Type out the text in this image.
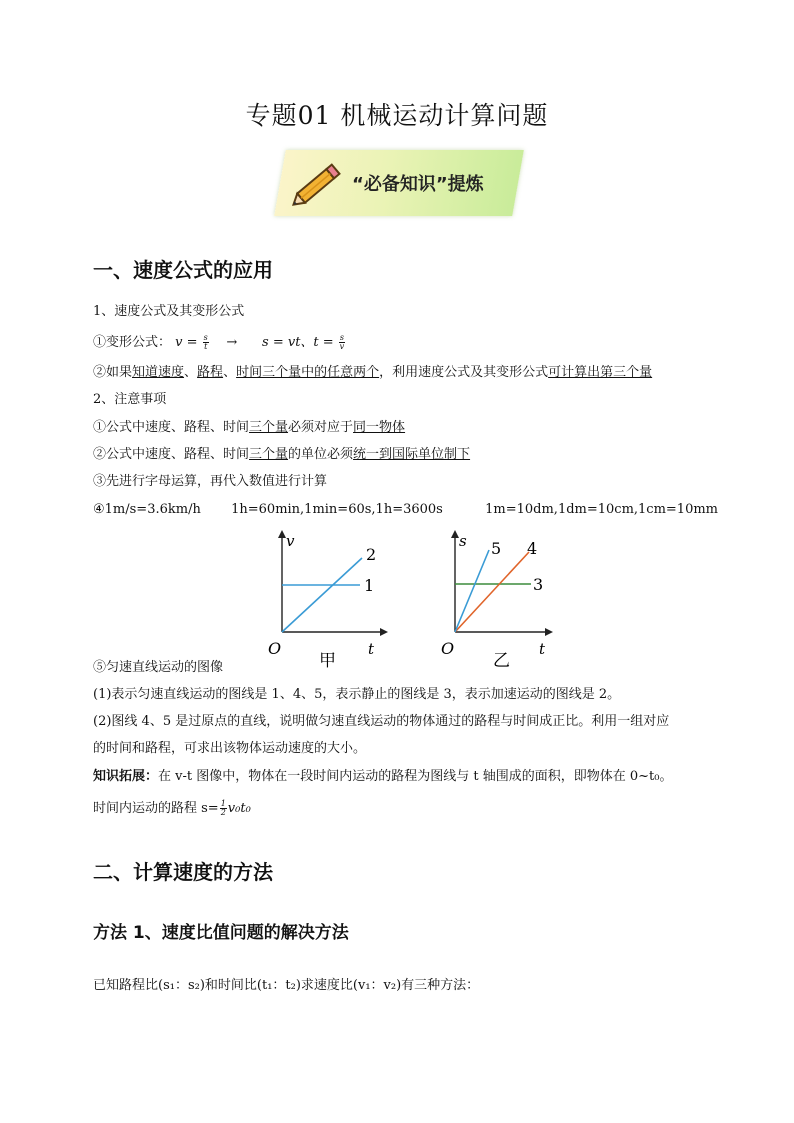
专题01 机械运动计算问题
“必备知识”提炼
一、速度公式的应用
1、速度公式及其变形公式
①变形公式： $v = \frac{s}{t} \to s$ = vt、$t = \frac{s}{v}$
②如果知道速度、路程、时间三个量中的任意两个，利用速度公式及其变形公式可计算出第三个量
2、注意事项
①公式中速度、路程、时间三个量必须对应于同一物体
②公式中速度、路程、时间三个量的单位必须统一到国际单位制下
③先进行字母运算，再代入数值进行计算
④1m/s=3.6km/h 1h=60min,1min=60s,1h=3600s	1m=10dm,1dm=10cm,1cm=10mm
v
t
O
1
2
甲
s
t
O
3
4
5
乙
⑤匀速直线运动的图像
(1)表示匀速直线运动的图线是 1、4、5，表示静止的图线是 3，表示加速运动的图线是 2。
(2)图线 4、5 是过原点的直线，说明做匀速直线运动的物体通过的路程与时间成正比。利用一组对应
的时间和路程，可求出该物体运动速度的大小。
知识拓展：在 v-t 图像中，物体在一段时间内运动的路程为图线与 t 轴围成的面积，即物体在 0~t₀。
时间内运动的路程 $s= \frac{1}{2} v_0t_0$
二、计算速度的方法
方法 1、速度比值问题的解决方法
已知路程比(s₁：s₂)和时间比(t₁：t₂)求速度比(v₁：v₂)有三种方法：
